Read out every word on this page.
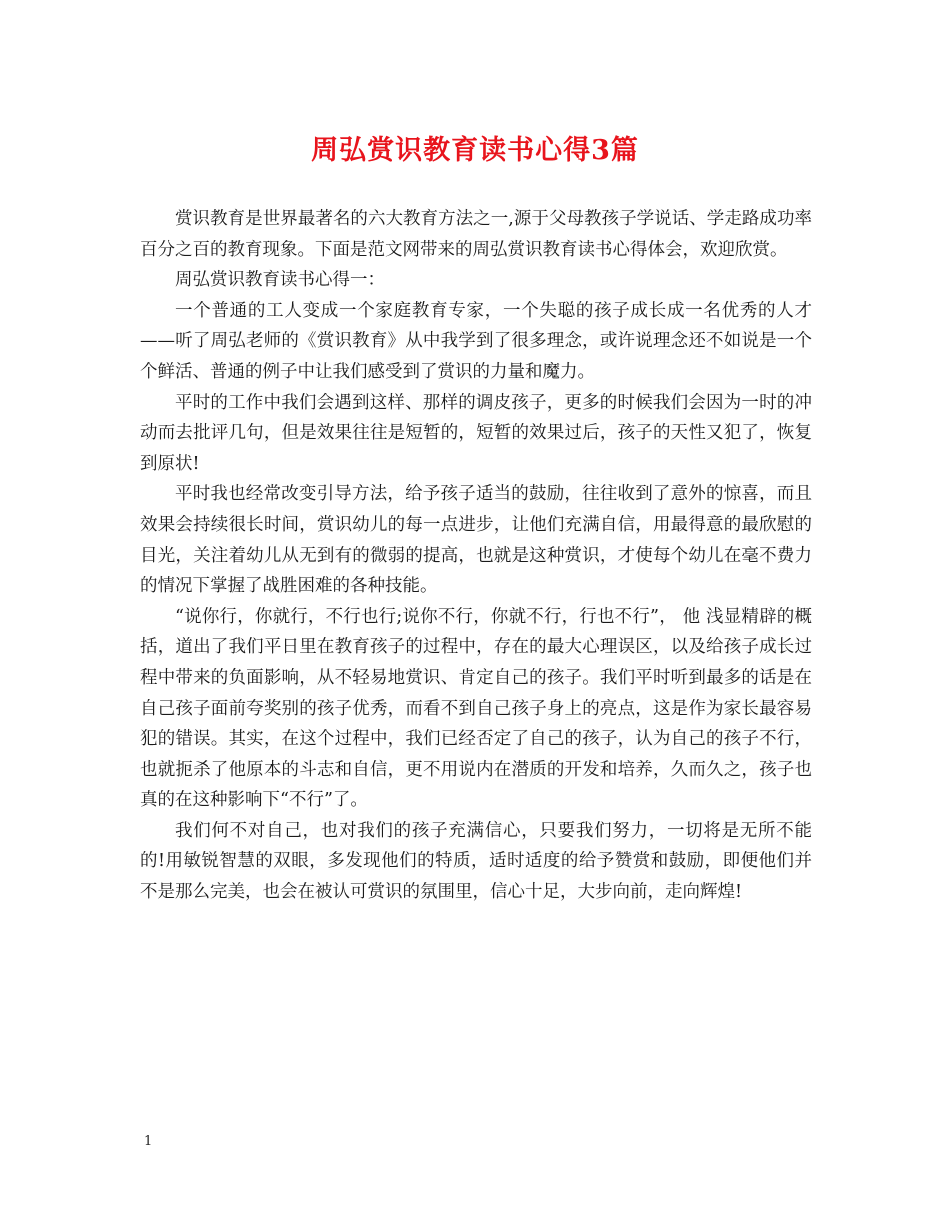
周弘赏识教育读书心得3篇

赏识教育是世界最著名的六大教育方法之一,源于父母教孩子学说话、学走路成功率百分之百的教育现象。下面是范文网带来的周弘赏识教育读书心得体会，欢迎欣赏。

周弘赏识教育读书心得一：

一个普通的工人变成一个家庭教育专家，一个失聪的孩子成长成一名优秀的人才——听了周弘老师的《赏识教育》从中我学到了很多理念，或许说理念还不如说是一个个鲜活、普通的例子中让我们感受到了赏识的力量和魔力。

平时的工作中我们会遇到这样、那样的调皮孩子，更多的时候我们会因为一时的冲动而去批评几句，但是效果往往是短暂的，短暂的效果过后，孩子的天性又犯了，恢复到原状!

平时我也经常改变引导方法，给予孩子适当的鼓励，往往收到了意外的惊喜，而且效果会持续很长时间，赏识幼儿的每一点进步，让他们充满自信，用最得意的最欣慰的目光，关注着幼儿从无到有的微弱的提高，也就是这种赏识，才使每个幼儿在毫不费力的情况下掌握了战胜困难的各种技能。

“说你行，你就行，不行也行;说你不行，你就不行，行也不行”， 他 浅显精辟的概括，道出了我们平日里在教育孩子的过程中，存在的最大心理误区，以及给孩子成长过程中带来的负面影响，从不轻易地赏识、肯定自己的孩子。我们平时听到最多的话是在自己孩子面前夸奖别的孩子优秀，而看不到自己孩子身上的亮点，这是作为家长最容易犯的错误。其实，在这个过程中，我们已经否定了自己的孩子，认为自己的孩子不行，也就扼杀了他原本的斗志和自信，更不用说内在潜质的开发和培养，久而久之，孩子也真的在这种影响下“不行”了。

我们何不对自己，也对我们的孩子充满信心，只要我们努力，一切将是无所不能的!用敏锐智慧的双眼，多发现他们的特质，适时适度的给予赞赏和鼓励，即便他们并不是那么完美，也会在被认可赏识的氛围里，信心十足，大步向前，走向辉煌!

1
